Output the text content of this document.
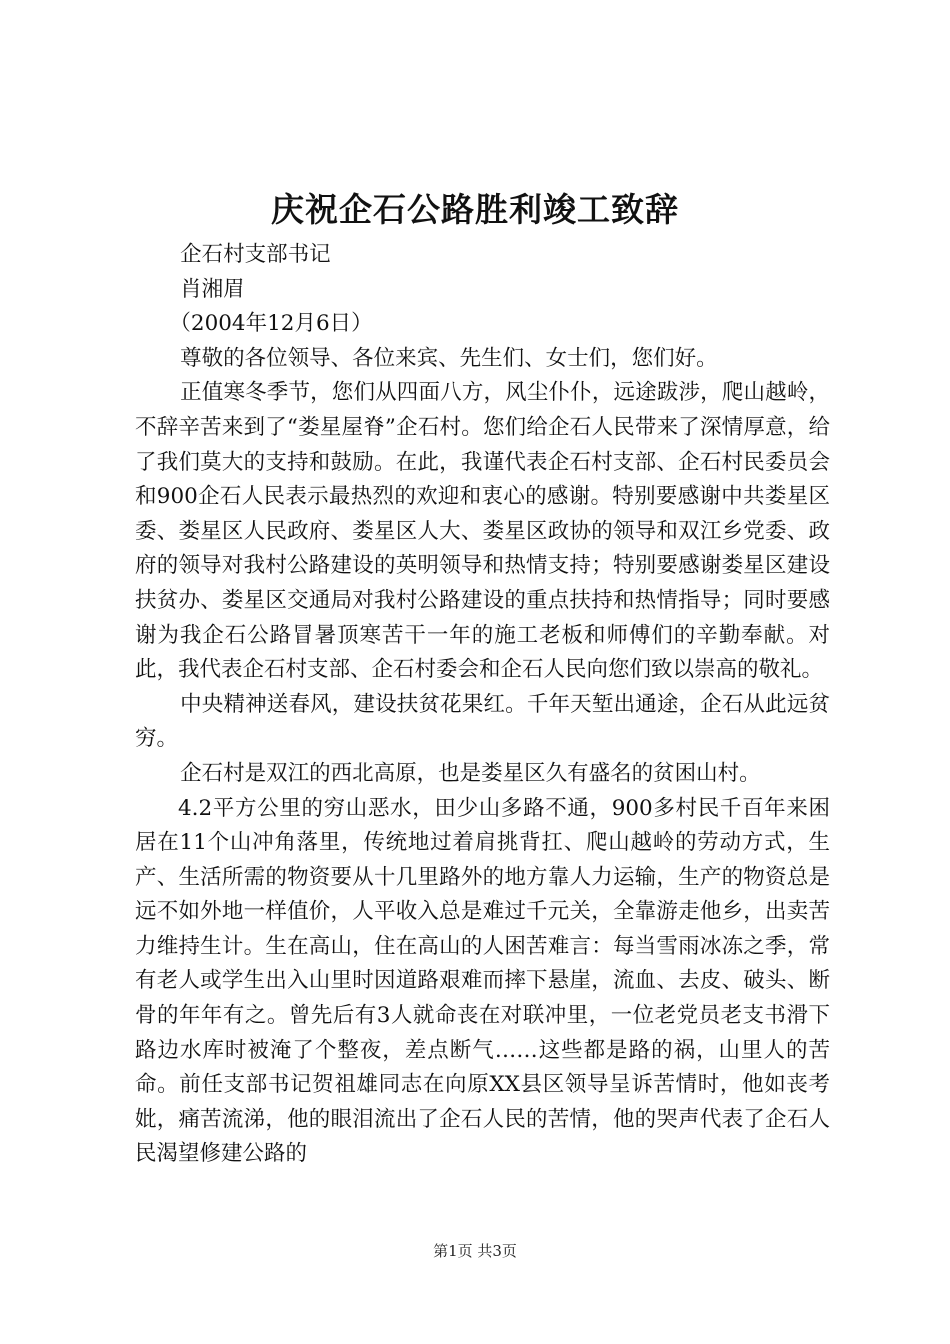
庆祝企石公路胜利竣工致辞

企石村支部书记

肖湘眉

（2004年12月6日）

尊敬的各位领导、各位来宾、先生们、女士们，您们好。

正值寒冬季节，您们从四面八方，风尘仆仆，远途跋涉，爬山越岭，不辞辛苦来到了“娄星屋脊”企石村。您们给企石人民带来了深情厚意，给了我们莫大的支持和鼓励。在此，我谨代表企石村支部、企石村民委员会和900企石人民表示最热烈的欢迎和衷心的感谢。特别要感谢中共娄星区委、娄星区人民政府、娄星区人大、娄星区政协的领导和双江乡党委、政府的领导对我村公路建设的英明领导和热情支持；特别要感谢娄星区建设扶贫办、娄星区交通局对我村公路建设的重点扶持和热情指导；同时要感谢为我企石公路冒暑顶寒苦干一年的施工老板和师傅们的辛勤奉献。对此，我代表企石村支部、企石村委会和企石人民向您们致以崇高的敬礼。

中央精神送春风，建设扶贫花果红。千年天堑出通途，企石从此远贫穷。

企石村是双江的西北高原，也是娄星区久有盛名的贫困山村。

4.2平方公里的穷山恶水，田少山多路不通，900多村民千百年来困居在11个山冲角落里，传统地过着肩挑背扛、爬山越岭的劳动方式，生产、生活所需的物资要从十几里路外的地方靠人力运输，生产的物资总是远不如外地一样值价，人平收入总是难过千元关，全靠游走他乡，出卖苦力维持生计。生在高山，住在高山的人困苦难言：每当雪雨冰冻之季，常有老人或学生出入山里时因道路艰难而摔下悬崖，流血、去皮、破头、断骨的年年有之。曾先后有3人就命丧在对联冲里，一位老党员老支书滑下路边水库时被淹了个整夜，差点断气……这些都是路的祸，山里人的苦命。前任支部书记贺祖雄同志在向原XX县区领导呈诉苦情时，他如丧考妣，痛苦流涕，他的眼泪流出了企石人民的苦情，他的哭声代表了企石人民渴望修建公路的

第1页 共3页
